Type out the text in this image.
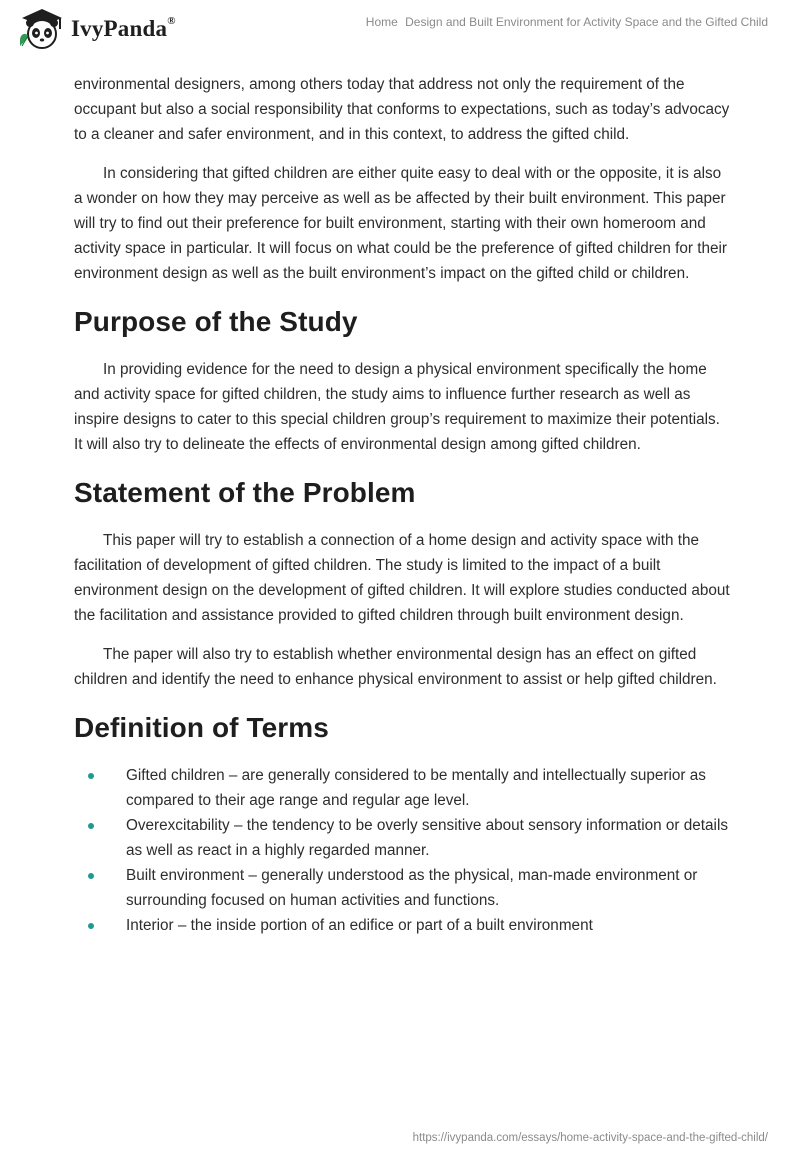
IvyPanda®	Home Design and Built Environment for Activity Space and the Gifted Child

environmental designers, among others today that address not only the requirement of the occupant but also a social responsibility that conforms to expectations, such as today’s advocacy to a cleaner and safer environment, and in this context, to address the gifted child.

In considering that gifted children are either quite easy to deal with or the opposite, it is also a wonder on how they may perceive as well as be affected by their built environment. This paper will try to find out their preference for built environment, starting with their own homeroom and activity space in particular. It will focus on what could be the preference of gifted children for their environment design as well as the built environment’s impact on the gifted child or children.

Purpose of the Study

In providing evidence for the need to design a physical environment specifically the home and activity space for gifted children, the study aims to influence further research as well as inspire designs to cater to this special children group’s requirement to maximize their potentials. It will also try to delineate the effects of environmental design among gifted children.

Statement of the Problem

This paper will try to establish a connection of a home design and activity space with the facilitation of development of gifted children. The study is limited to the impact of a built environment design on the development of gifted children. It will explore studies conducted about the facilitation and assistance provided to gifted children through built environment design.

The paper will also try to establish whether environmental design has an effect on gifted children and identify the need to enhance physical environment to assist or help gifted children.

Definition of Terms
Gifted children – are generally considered to be mentally and intellectually superior as compared to their age range and regular age level.
Overexcitability – the tendency to be overly sensitive about sensory information or details as well as react in a highly regarded manner.
Built environment – generally understood as the physical, man-made environment or surrounding focused on human activities and functions.
Interior – the inside portion of an edifice or part of a built environment
https://ivypanda.com/essays/home-activity-space-and-the-gifted-child/
